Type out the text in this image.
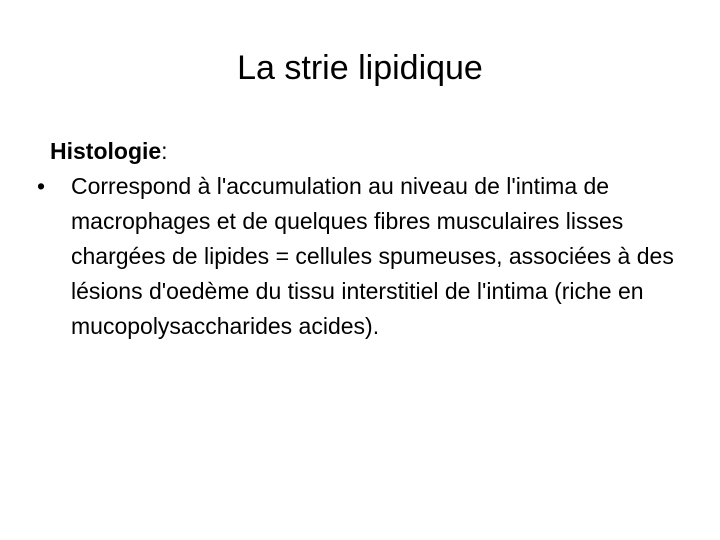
La strie lipidique
Histologie:
•	Correspond à l'accumulation au niveau de l'intima de macrophages et de quelques fibres musculaires lisses chargées de lipides = cellules spumeuses, associées à des lésions d'oedème du tissu interstitiel de l'intima (riche en mucopolysaccharides acides).
